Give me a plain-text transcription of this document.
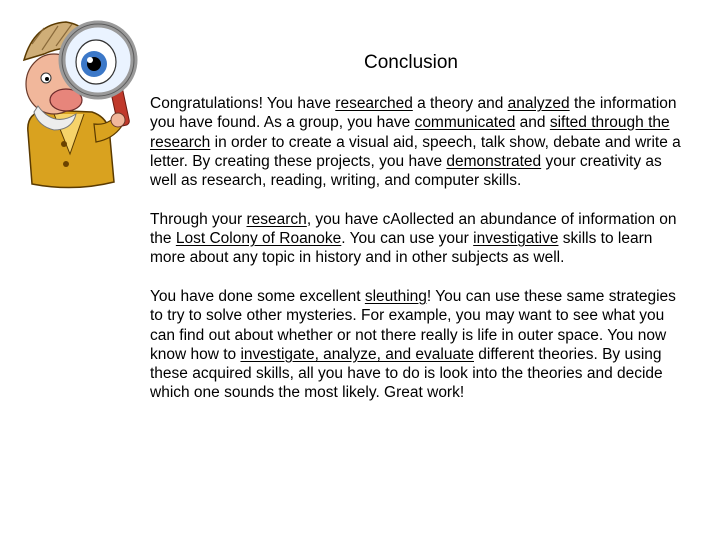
Conclusion

Congratulations! You have researched a theory and analyzed the information you have found. As a group, you have communicated and sifted through the research in order to create a visual aid, speech, talk show, debate and write a letter. By creating these projects, you have demonstrated your creativity as well as research, reading, writing, and computer skills.

Through your research, you have cAollected an abundance of information on the Lost Colony of Roanoke. You can use your investigative skills to learn more about any topic in history and in other subjects as well.

You have done some excellent sleuthing! You can use these same strategies to try to solve other mysteries. For example, you may want to see what you can find out about whether or not there really is life in outer space. You now know how to investigate, analyze, and evaluate different theories. By using these acquired skills, all you have to do is look into the theories and decide which one sounds the most likely. Great work!
